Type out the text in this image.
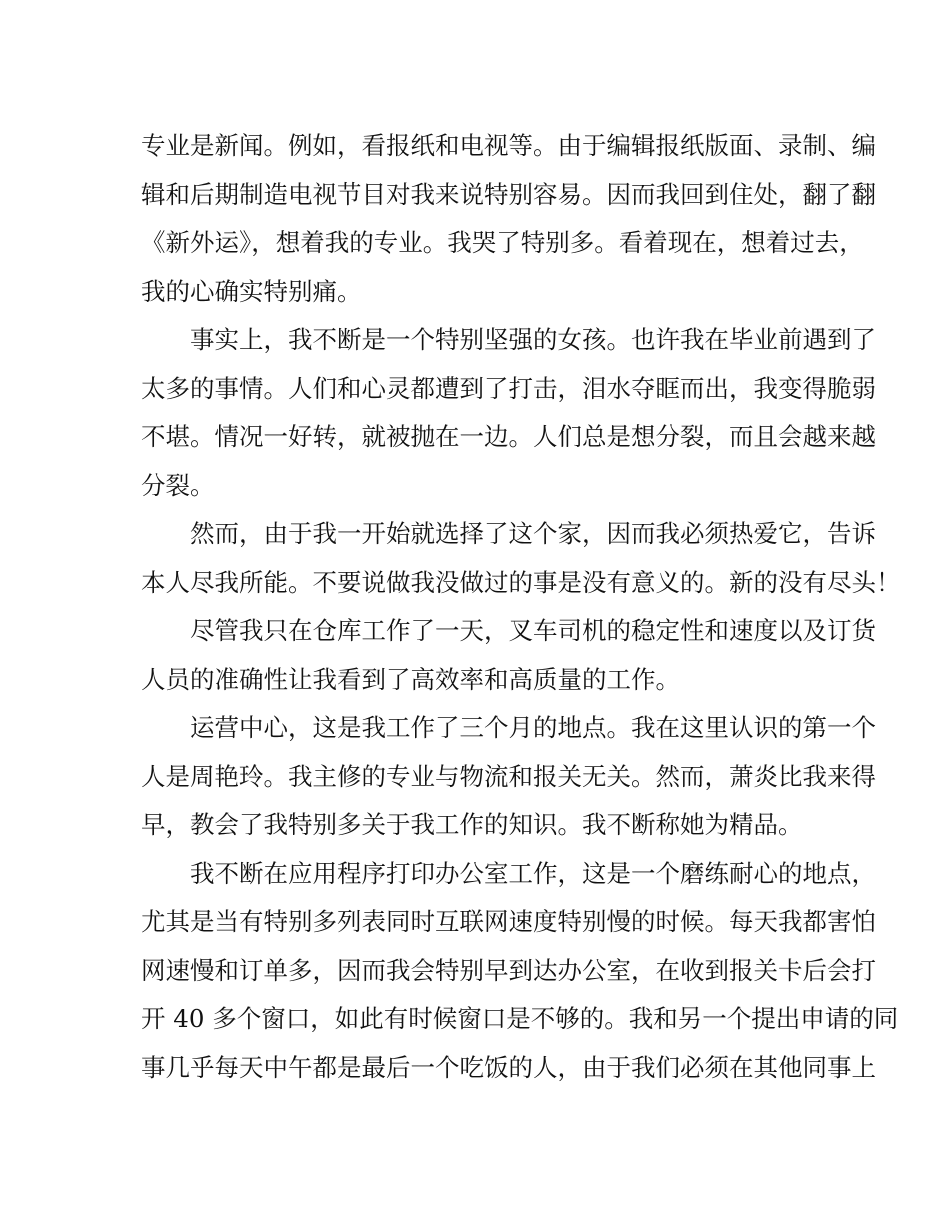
专业是新闻。例如，看报纸和电视等。由于编辑报纸版面、录制、编
辑和后期制造电视节目对我来说特别容易。因而我回到住处，翻了翻
《新外运》，想着我的专业。我哭了特别多。看着现在，想着过去，
我的心确实特别痛。
事实上，我不断是一个特别坚强的女孩。也许我在毕业前遇到了
太多的事情。人们和心灵都遭到了打击，泪水夺眶而出，我变得脆弱
不堪。情况一好转，就被抛在一边。人们总是想分裂，而且会越来越
分裂。
然而，由于我一开始就选择了这个家，因而我必须热爱它，告诉
本人尽我所能。不要说做我没做过的事是没有意义的。新的没有尽头！
尽管我只在仓库工作了一天，叉车司机的稳定性和速度以及订货
人员的准确性让我看到了高效率和高质量的工作。
运营中心，这是我工作了三个月的地点。我在这里认识的第一个
人是周艳玲。我主修的专业与物流和报关无关。然而，萧炎比我来得
早，教会了我特别多关于我工作的知识。我不断称她为精品。
我不断在应用程序打印办公室工作，这是一个磨练耐心的地点，
尤其是当有特别多列表同时互联网速度特别慢的时候。每天我都害怕
网速慢和订单多，因而我会特别早到达办公室，在收到报关卡后会打
开 40 多个窗口，如此有时候窗口是不够的。我和另一个提出申请的同
事几乎每天中午都是最后一个吃饭的人，由于我们必须在其他同事上
